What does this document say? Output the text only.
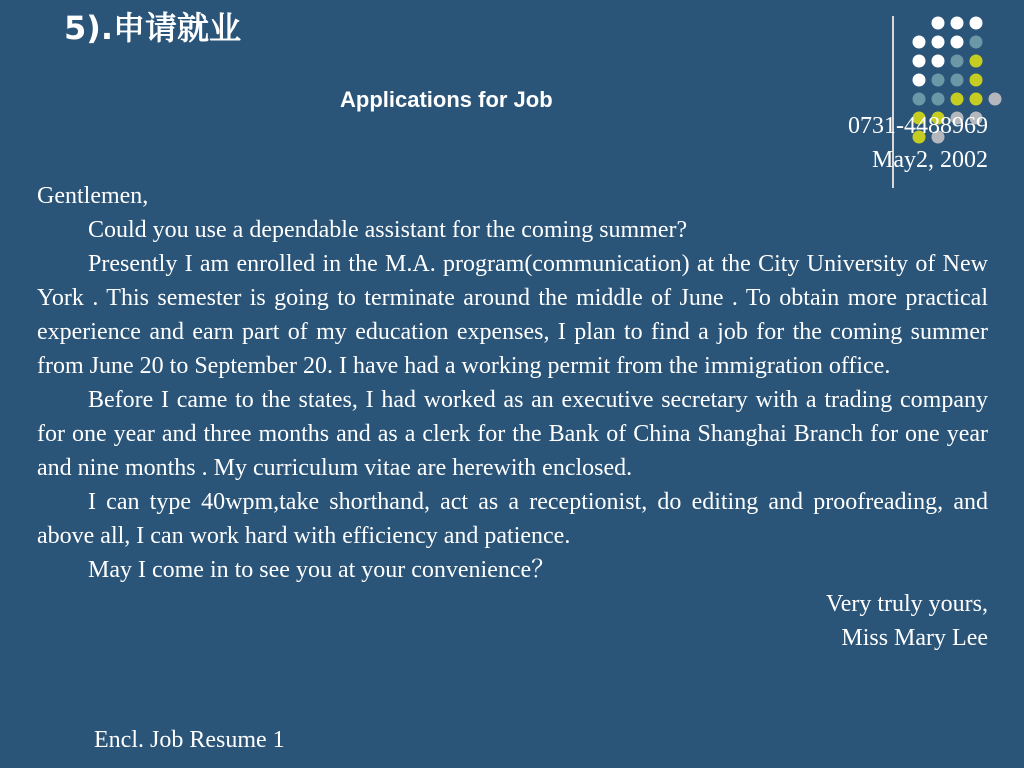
5).申请就业
Applications for Job
0731-4488969
May2, 2002

Gentlemen,

Could you use a dependable assistant for the coming summer?

Presently I am enrolled in the M.A. program(communication) at the City University of New York . This semester is going to terminate around the middle of June . To obtain more practical experience and earn part of my education expenses, I plan to find a job for the coming summer from June 20 to September 20. I have had a working permit from the immigration office.

Before I came to the states, I had worked as an executive secretary with a trading company for one year and three months and as a clerk for the Bank of China Shanghai Branch for one year and nine months . My curriculum vitae are herewith enclosed.

I can type 40wpm,take shorthand, act as a receptionist, do editing and proofreading, and above all, I can work hard with efficiency and patience.

May I come in to see you at your convenience？

Very truly yours,

Miss Mary Lee

Encl. Job Resume 1
